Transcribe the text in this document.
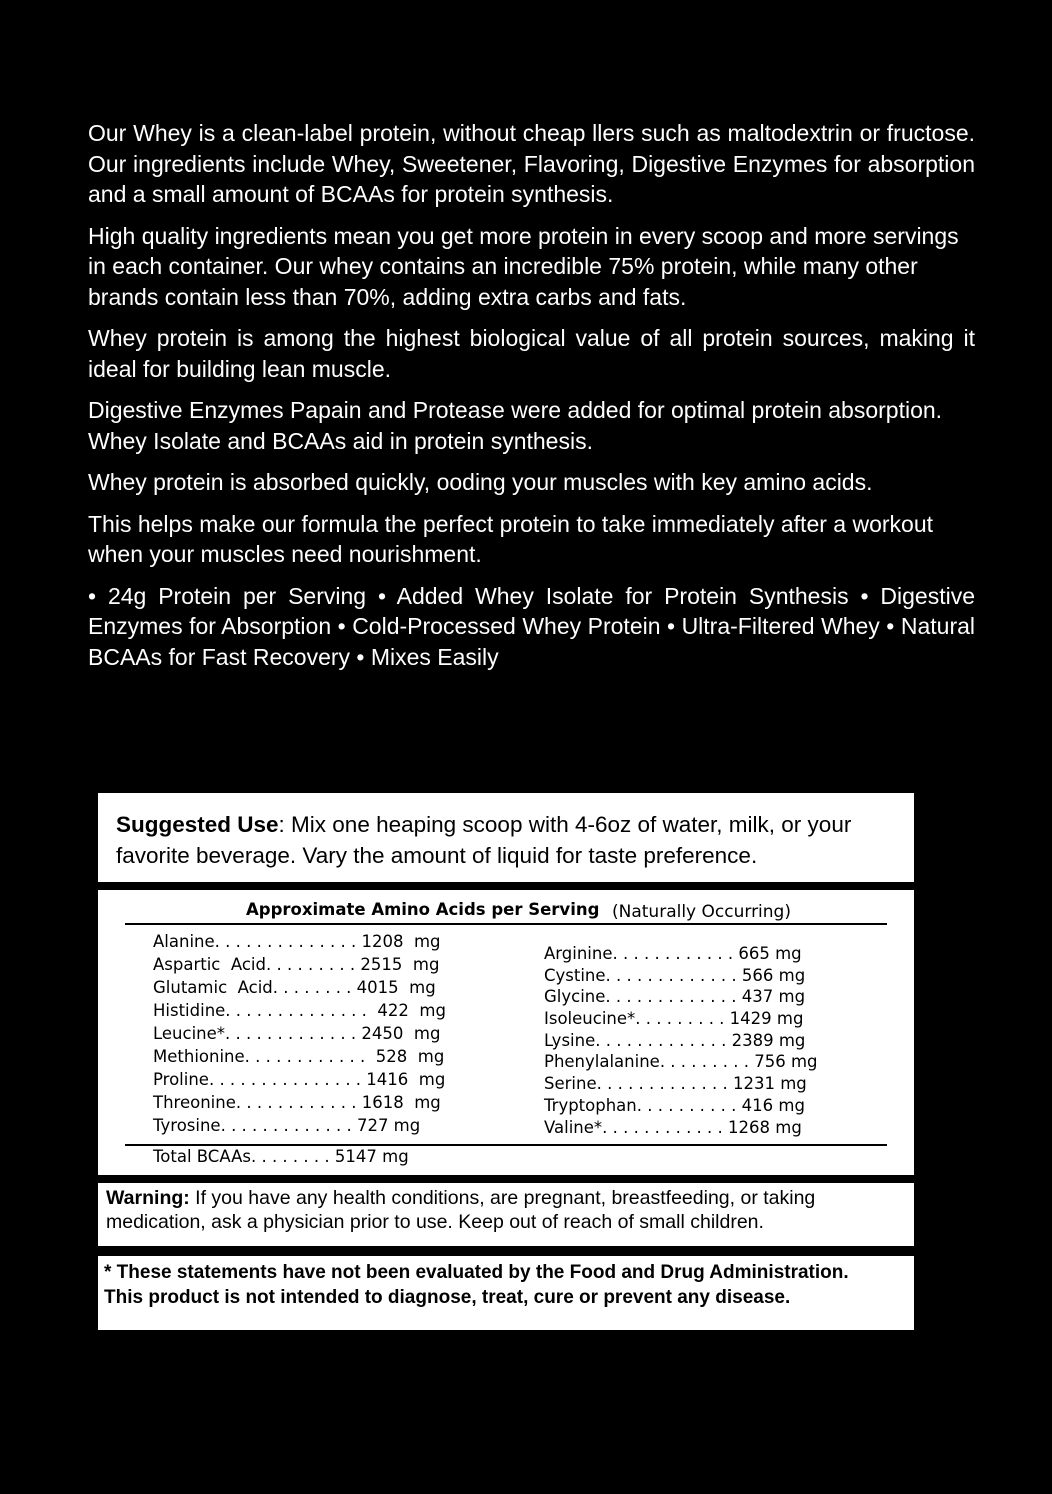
Our Whey is a clean-label protein, without cheap llers such as maltodextrin or fructose. Our ingredients include Whey, Sweetener, Flavoring, Digestive Enzymes for absorption and a small amount of BCAAs for protein synthesis.

High quality ingredients mean you get more protein in every scoop and more servings in each container. Our whey contains an incredible 75% protein, while many other brands contain less than 70%, adding extra carbs and fats.

Whey protein is among the highest biological value of all protein sources, making it ideal for building lean muscle.

Digestive Enzymes Papain and Protease were added for optimal protein absorption. Whey Isolate and BCAAs aid in protein synthesis.

Whey protein is absorbed quickly, ooding your muscles with key amino acids.

This helps make our formula the perfect protein to take immediately after a workout when your muscles need nourishment.

• 24g Protein per Serving • Added Whey Isolate for Protein Synthesis • Digestive Enzymes for Absorption • Cold-Processed Whey Protein • Ultra-Filtered Whey • Natural BCAAs for Fast Recovery • Mixes Easily

Suggested Use: Mix one heaping scoop with 4-6oz of water, milk, or your favorite beverage. Vary the amount of liquid for taste preference.
Approximate Amino Acids per Serving (Naturally Occurring)
Alanine. . . . . . . . . . . . . . 1208  mg
Aspartic  Acid. . . . . . . . . 2515  mg
Glutamic  Acid. . . . . . . . 4015  mg
Histidine. . . . . . . . . . . . . .  422  mg
Leucine*. . . . . . . . . . . . . 2450  mg
Methionine. . . . . . . . . . . .  528  mg
Proline. . . . . . . . . . . . . . . 1416  mg
Threonine. . . . . . . . . . . . 1618  mg
Tyrosine. . . . . . . . . . . . . 727 mg
Arginine. . . . . . . . . . . . 665 mg
Cystine. . . . . . . . . . . . . 566 mg
Glycine. . . . . . . . . . . . . 437 mg
Isoleucine*. . . . . . . . . 1429 mg
Lysine. . . . . . . . . . . . . 2389 mg
Phenylalanine. . . . . . . . . 756 mg
Serine. . . . . . . . . . . . . 1231 mg
Tryptophan. . . . . . . . . . 416 mg
Valine*. . . . . . . . . . . . 1268 mg
Total BCAAs. . . . . . . . 5147 mg
Warning: If you have any health conditions, are pregnant, breastfeeding, or taking medication, ask a physician prior to use. Keep out of reach of small children.
* These statements have not been evaluated by the Food and Drug Administration.
This product is not intended to diagnose, treat, cure or prevent any disease.
